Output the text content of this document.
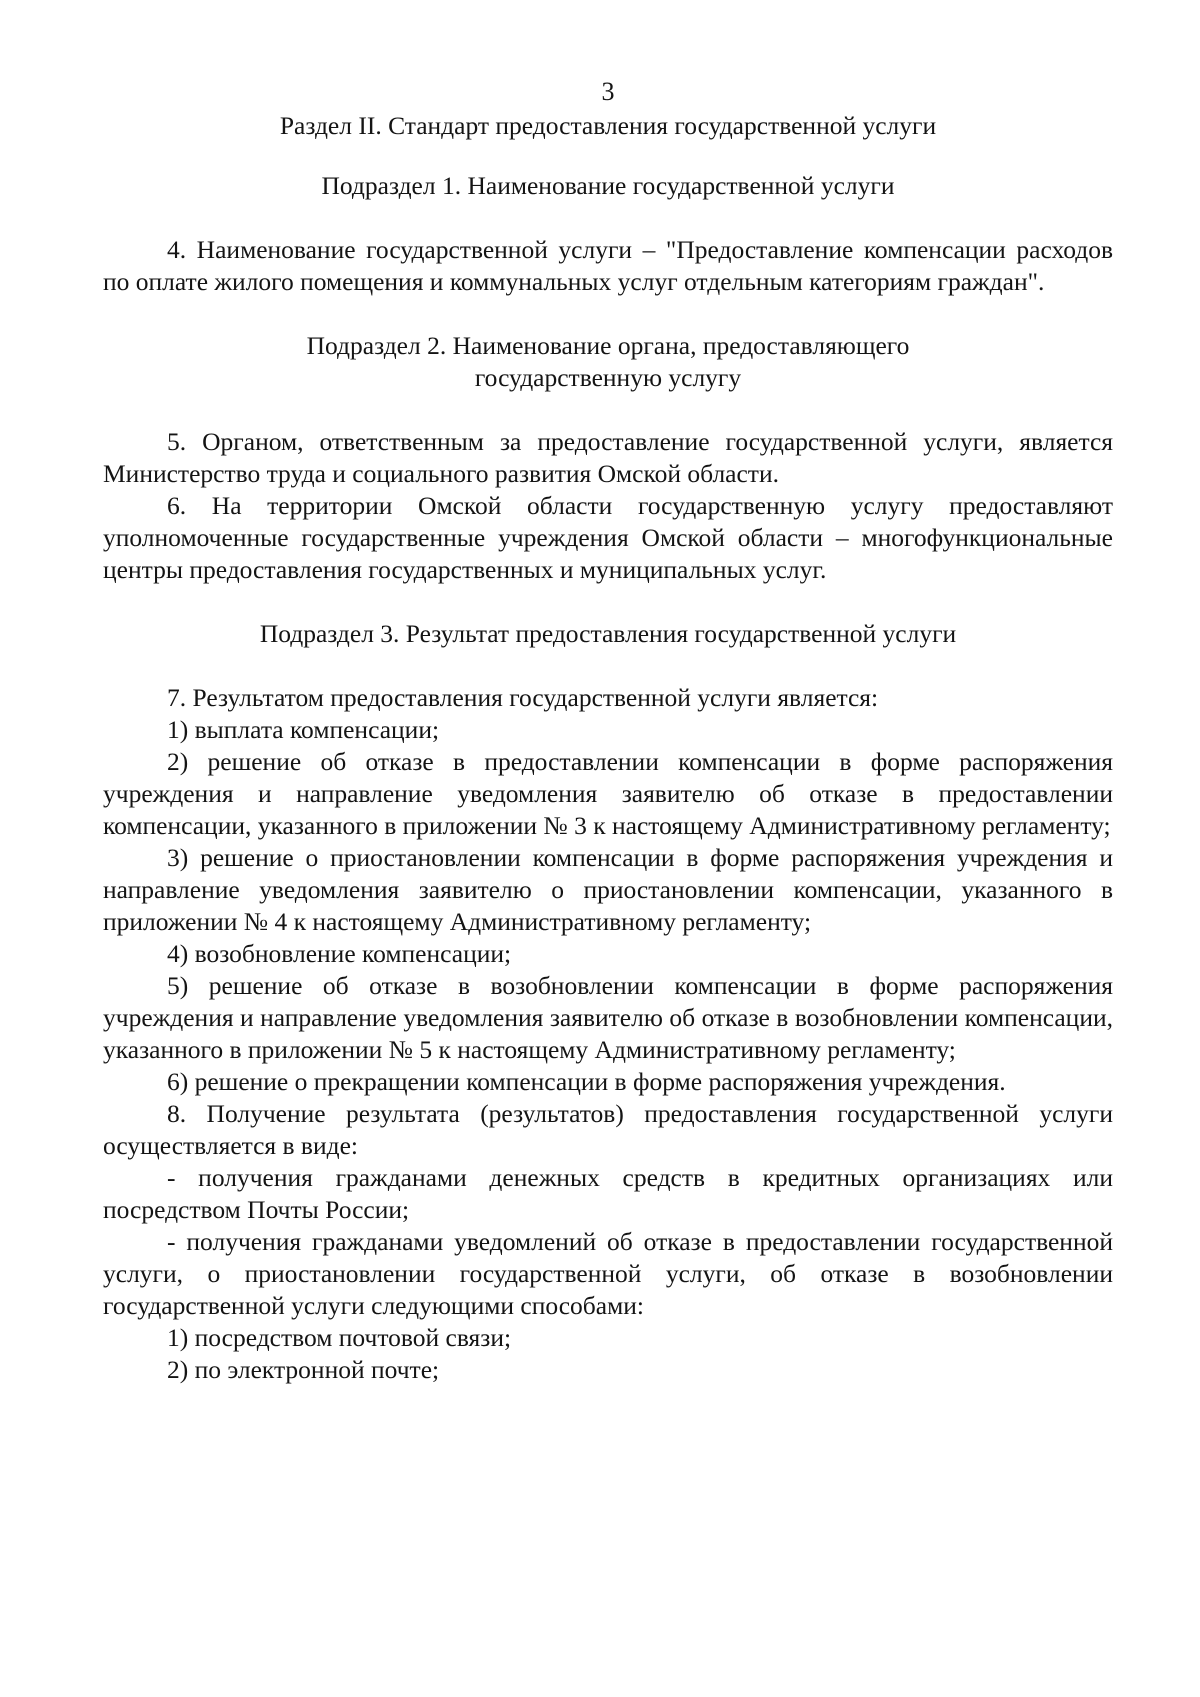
3
Раздел II. Стандарт предоставления государственной услуги
Подраздел 1. Наименование государственной услуги

4. Наименование государственной услуги – "Предоставление компенсации расходов по оплате жилого помещения и коммунальных услуг отдельным категориям граждан".

Подраздел 2. Наименование органа, предоставляющего
государственную услугу

5. Органом, ответственным за предоставление государственной услуги, является Министерство труда и социального развития Омской области.

6. На территории Омской области государственную услугу предоставляют уполномоченные государственные учреждения Омской области – многофункциональные центры предоставления государственных и муниципальных услуг.

Подраздел 3. Результат предоставления государственной услуги

7. Результатом предоставления государственной услуги является:

1) выплата компенсации;

2) решение об отказе в предоставлении компенсации в форме распоряжения учреждения и направление уведомления заявителю об отказе в предоставлении компенсации, указанного в приложении № 3 к настоящему Административному регламенту;

3) решение о приостановлении компенсации в форме распоряжения учреждения и направление уведомления заявителю о приостановлении компенсации, указанного в приложении № 4 к настоящему Административному регламенту;

4) возобновление компенсации;

5) решение об отказе в возобновлении компенсации в форме распоряжения учреждения и направление уведомления заявителю об отказе в возобновлении компенсации, указанного в приложении № 5 к настоящему Административному регламенту;

6) решение о прекращении компенсации в форме распоряжения учреждения.

8. Получение результата (результатов) предоставления государственной услуги осуществляется в виде:

- получения гражданами денежных средств в кредитных организациях или посредством Почты России;

- получения гражданами уведомлений об отказе в предоставлении государственной услуги, о приостановлении государственной услуги, об отказе в возобновлении государственной услуги следующими способами:

1) посредством почтовой связи;

2) по электронной почте;
